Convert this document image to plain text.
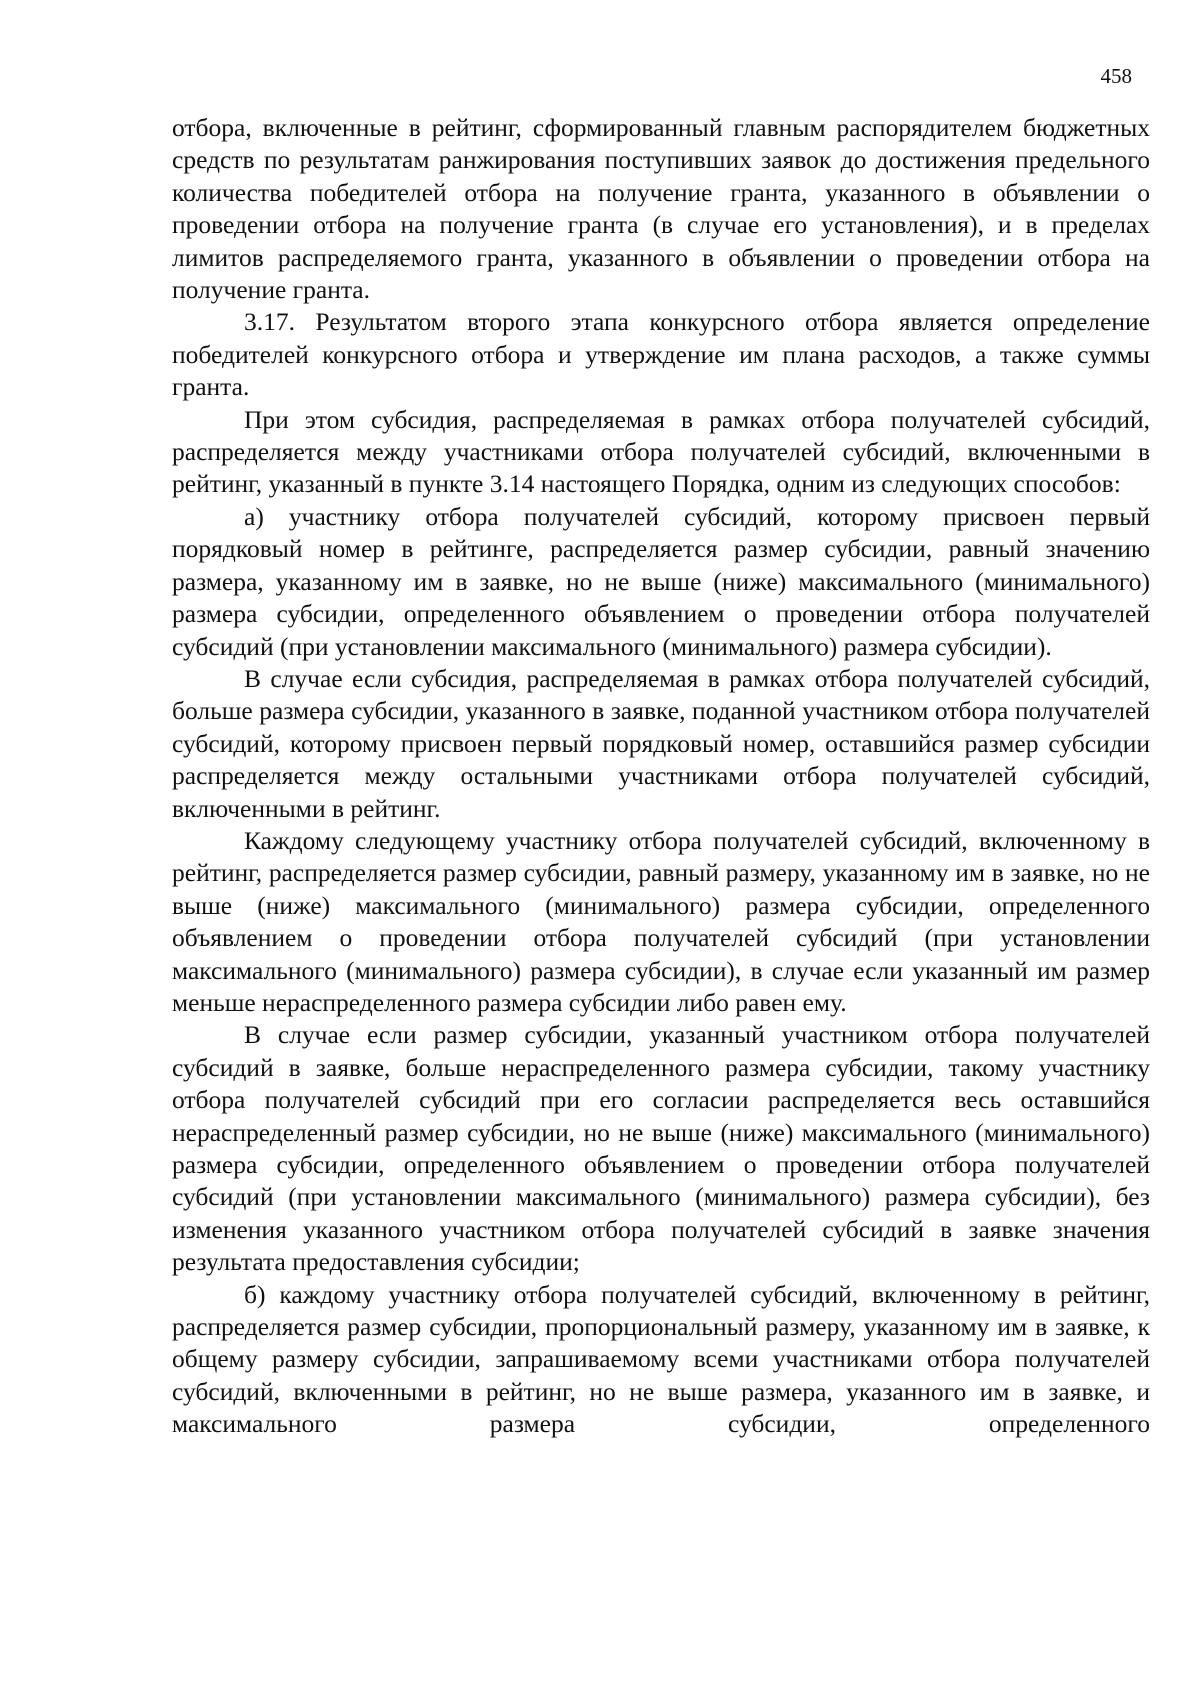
458

отбора, включенные в рейтинг, сформированный главным распорядителем бюджетных средств по результатам ранжирования поступивших заявок до достижения предельного количества победителей отбора на получение гранта, указанного в объявлении о проведении отбора на получение гранта (в случае его установления), и в пределах лимитов распределяемого гранта, указанного в объявлении о проведении отбора на получение гранта.

3.17. Результатом второго этапа конкурсного отбора является определение победителей конкурсного отбора и утверждение им плана расходов, а также суммы гранта.

При этом субсидия, распределяемая в рамках отбора получателей субсидий, распределяется между участниками отбора получателей субсидий, включенными в рейтинг, указанный в пункте 3.14 настоящего Порядка, одним из следующих способов:

а) участнику отбора получателей субсидий, которому присвоен первый порядковый номер в рейтинге, распределяется размер субсидии, равный значению размера, указанному им в заявке, но не выше (ниже) максимального (минимального) размера субсидии, определенного объявлением о проведении отбора получателей субсидий (при установлении максимального (минимального) размера субсидии).

В случае если субсидия, распределяемая в рамках отбора получателей субсидий, больше размера субсидии, указанного в заявке, поданной участником отбора получателей субсидий, которому присвоен первый порядковый номер, оставшийся размер субсидии распределяется между остальными участниками отбора получателей субсидий, включенными в рейтинг.

Каждому следующему участнику отбора получателей субсидий, включенному в рейтинг, распределяется размер субсидии, равный размеру, указанному им в заявке, но не выше (ниже) максимального (минимального) размера субсидии, определенного объявлением о проведении отбора получателей субсидий (при установлении максимального (минимального) размера субсидии), в случае если указанный им размер меньше нераспределенного размера субсидии либо равен ему.

В случае если размер субсидии, указанный участником отбора получателей субсидий в заявке, больше нераспределенного размера субсидии, такому участнику отбора получателей субсидий при его согласии распределяется весь оставшийся нераспределенный размер субсидии, но не выше (ниже) максимального (минимального) размера субсидии, определенного объявлением о проведении отбора получателей субсидий (при установлении максимального (минимального) размера субсидии), без изменения указанного участником отбора получателей субсидий в заявке значения результата предоставления субсидии;

б) каждому участнику отбора получателей субсидий, включенному в рейтинг, распределяется размер субсидии, пропорциональный размеру, указанному им в заявке, к общему размеру субсидии, запрашиваемому всеми участниками отбора получателей субсидий, включенными в рейтинг, но не выше размера, указанного им в заявке, и максимального размера субсидии, определенного
